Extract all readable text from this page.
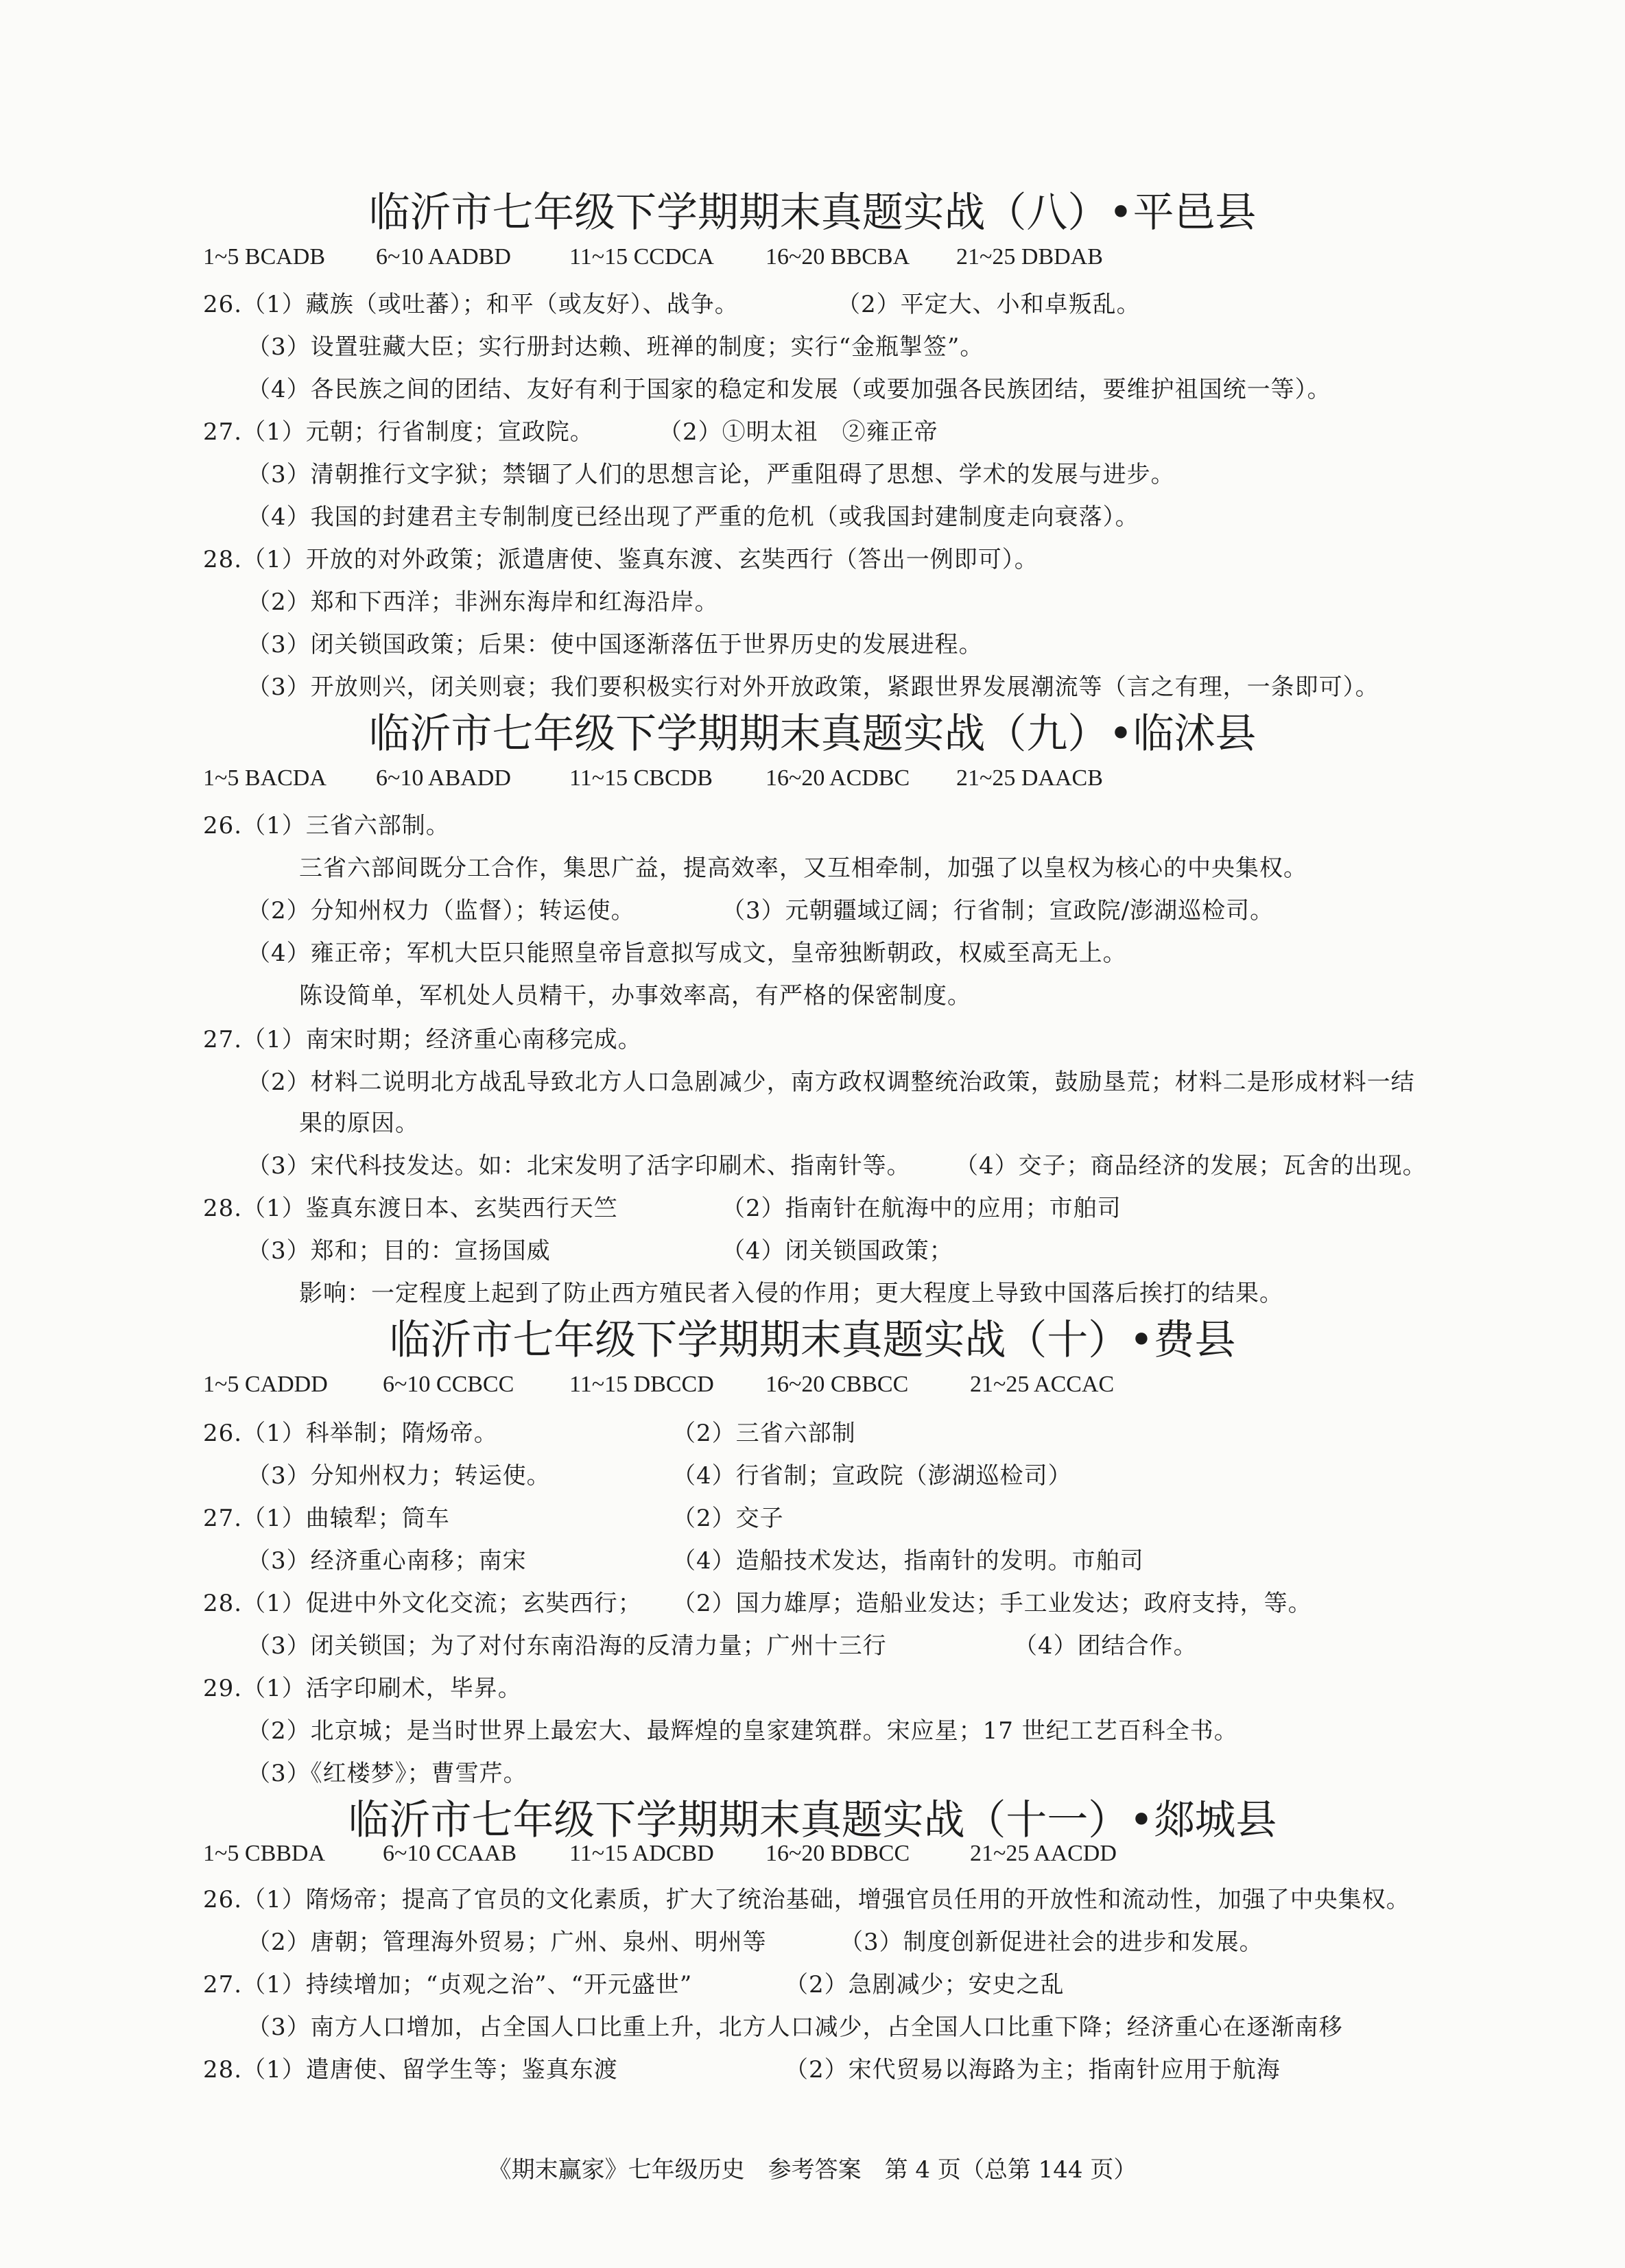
临沂市七年级下学期期末真题实战（八）•平邑县
1~5 BCADB 6~10 AADBD	11~15 CCDCA 16~20 BBCBA 21~25 DBDAB
26.（1）藏族（或吐蕃）；和平（或友好）、战争。	（2）平定大、小和卓叛乱。
（3）设置驻藏大臣；实行册封达赖、班禅的制度；实行“金瓶掣签”。
（4）各民族之间的团结、友好有利于国家的稳定和发展（或要加强各民族团结，要维护祖国统一等）。
27.（1）元朝；行省制度；宣政院。	（2）①明太祖　②雍正帝
（3）清朝推行文字狱；禁锢了人们的思想言论，严重阻碍了思想、学术的发展与进步。
（4）我国的封建君主专制制度已经出现了严重的危机（或我国封建制度走向衰落）。
28.（1）开放的对外政策；派遣唐使、鉴真东渡、玄奘西行（答出一例即可）。
（2）郑和下西洋；非洲东海岸和红海沿岸。
（3）闭关锁国政策；后果：使中国逐渐落伍于世界历史的发展进程。
（3）开放则兴，闭关则衰；我们要积极实行对外开放政策，紧跟世界发展潮流等（言之有理，一条即可）。
临沂市七年级下学期期末真题实战（九）•临沭县
1~5 BACDA 6~10 ABADD	11~15 CBCDB 16~20 ACDBC 21~25 DAACB
26.（1）三省六部制。
三省六部间既分工合作，集思广益，提高效率，又互相牵制，加强了以皇权为核心的中央集权。
（2）分知州权力（监督）；转运使。	（3）元朝疆域辽阔；行省制；宣政院/澎湖巡检司。
（4）雍正帝；军机大臣只能照皇帝旨意拟写成文，皇帝独断朝政，权威至高无上。
陈设简单，军机处人员精干，办事效率高，有严格的保密制度。
27.（1）南宋时期；经济重心南移完成。
（2）材料二说明北方战乱导致北方人口急剧减少，南方政权调整统治政策，鼓励垦荒；材料二是形成材料一结
果的原因。
（3）宋代科技发达。如：北宋发明了活字印刷术、指南针等。 （4）交子；商品经济的发展；瓦舍的出现。
28.（1）鉴真东渡日本、玄奘西行天竺	（2）指南针在航海中的应用；市舶司
（3）郑和；目的：宣扬国威	（4）闭关锁国政策；
影响：一定程度上起到了防止西方殖民者入侵的作用；更大程度上导致中国落后挨打的结果。
临沂市七年级下学期期末真题实战（十）•费县
1~5 CADDD 6~10 CCBCC 11~15 DBCCD 16~20 CBBCC	21~25 ACCAC
26.（1）科举制；隋炀帝。	（2）三省六部制
（3）分知州权力；转运使。	（4）行省制；宣政院（澎湖巡检司）
27.（1）曲辕犁；筒车	（2）交子
（3）经济重心南移；南宋	（4）造船技术发达，指南针的发明。市舶司
28.（1）促进中外文化交流；玄奘西行； （2）国力雄厚；造船业发达；手工业发达；政府支持，等。
（3）闭关锁国；为了对付东南沿海的反清力量；广州十三行	（4）团结合作。
29.（1）活字印刷术，毕昇。
（2）北京城；是当时世界上最宏大、最辉煌的皇家建筑群。宋应星；17 世纪工艺百科全书。
（3）《红楼梦》；曹雪芹。
临沂市七年级下学期期末真题实战（十一）•郯城县
1~5 CBBDA 6~10 CCAAB 11~15 ADCBD 16~20 BDBCC	21~25 AACDD
26.（1）隋炀帝；提高了官员的文化素质，扩大了统治基础，增强官员任用的开放性和流动性，加强了中央集权。
（2）唐朝；管理海外贸易；广州、泉州、明州等	（3）制度创新促进社会的进步和发展。
27.（1）持续增加；“贞观之治”、“开元盛世”	（2）急剧减少；安史之乱
（3）南方人口增加，占全国人口比重上升，北方人口减少，占全国人口比重下降；经济重心在逐渐南移
28.（1）遣唐使、留学生等；鉴真东渡	（2）宋代贸易以海路为主；指南针应用于航海
《期末赢家》七年级历史　参考答案　第 4 页（总第 144 页）
